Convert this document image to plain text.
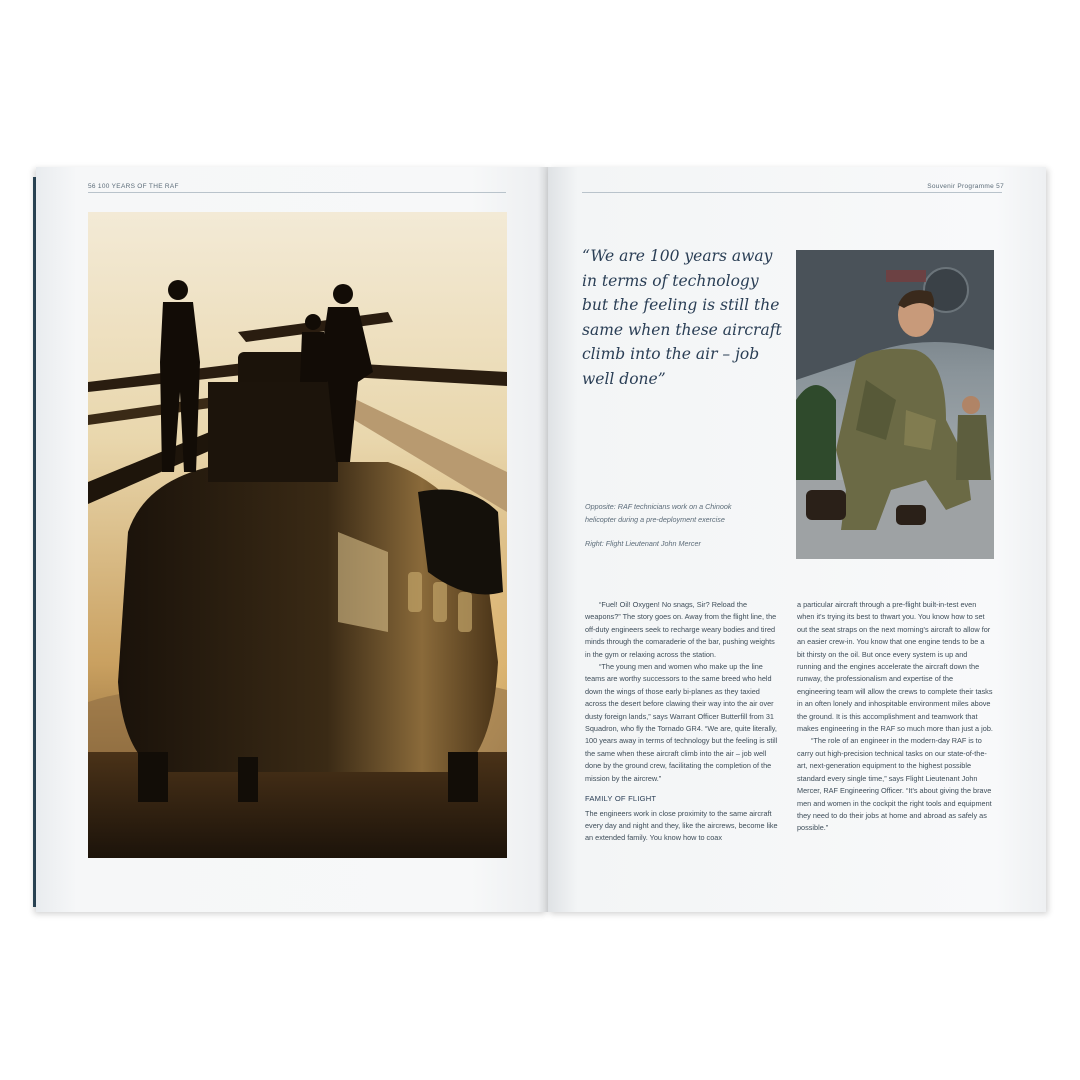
56 100 YEARS OF THE RAF	Souvenir Programme 57

“We are 100 years away in terms of technology but the feeling is still the same when these aircraft climb into the air – job well done”

Opposite: RAF technicians work on a Chinook helicopter during a pre-deployment exercise

Right: Flight Lieutenant John Mercer

“Fuel! Oil! Oxygen! No snags, Sir? Reload the weapons?” The story goes on. Away from the flight line, the off-duty engineers seek to recharge weary bodies and tired minds through the comaraderie of the bar, pushing weights in the gym or relaxing across the station.

“The young men and women who make up the line teams are worthy successors to the same breed who held down the wings of those early bi-planes as they taxied across the desert before clawing their way into the air over dusty foreign lands,” says Warrant Officer Butterfill from 31 Squadron, who fly the Tornado GR4. “We are, quite literally, 100 years away in terms of technology but the feeling is still the same when these aircraft climb into the air – job well done by the ground crew, facilitating the completion of the mission by the aircrew.”

FAMILY OF FLIGHT

The engineers work in close proximity to the same aircraft every day and night and they, like the aircrews, become like an extended family. You know how to coax

a particular aircraft through a pre-flight built-in-test even when it's trying its best to thwart you. You know how to set out the seat straps on the next morning's aircraft to allow for an easier crew-in. You know that one engine tends to be a bit thirsty on the oil. But once every system is up and running and the engines accelerate the aircraft down the runway, the professionalism and expertise of the engineering team will allow the crews to complete their tasks in an often lonely and inhospitable environment miles above the ground. It is this accomplishment and teamwork that makes engineering in the RAF so much more than just a job.

“The role of an engineer in the modern-day RAF is to carry out high-precision technical tasks on our state-of-the-art, next-generation equipment to the highest possible standard every single time,” says Flight Lieutenant John Mercer, RAF Engineering Officer. “It's about giving the brave men and women in the cockpit the right tools and equipment they need to do their jobs at home and abroad as safely as possible.”
